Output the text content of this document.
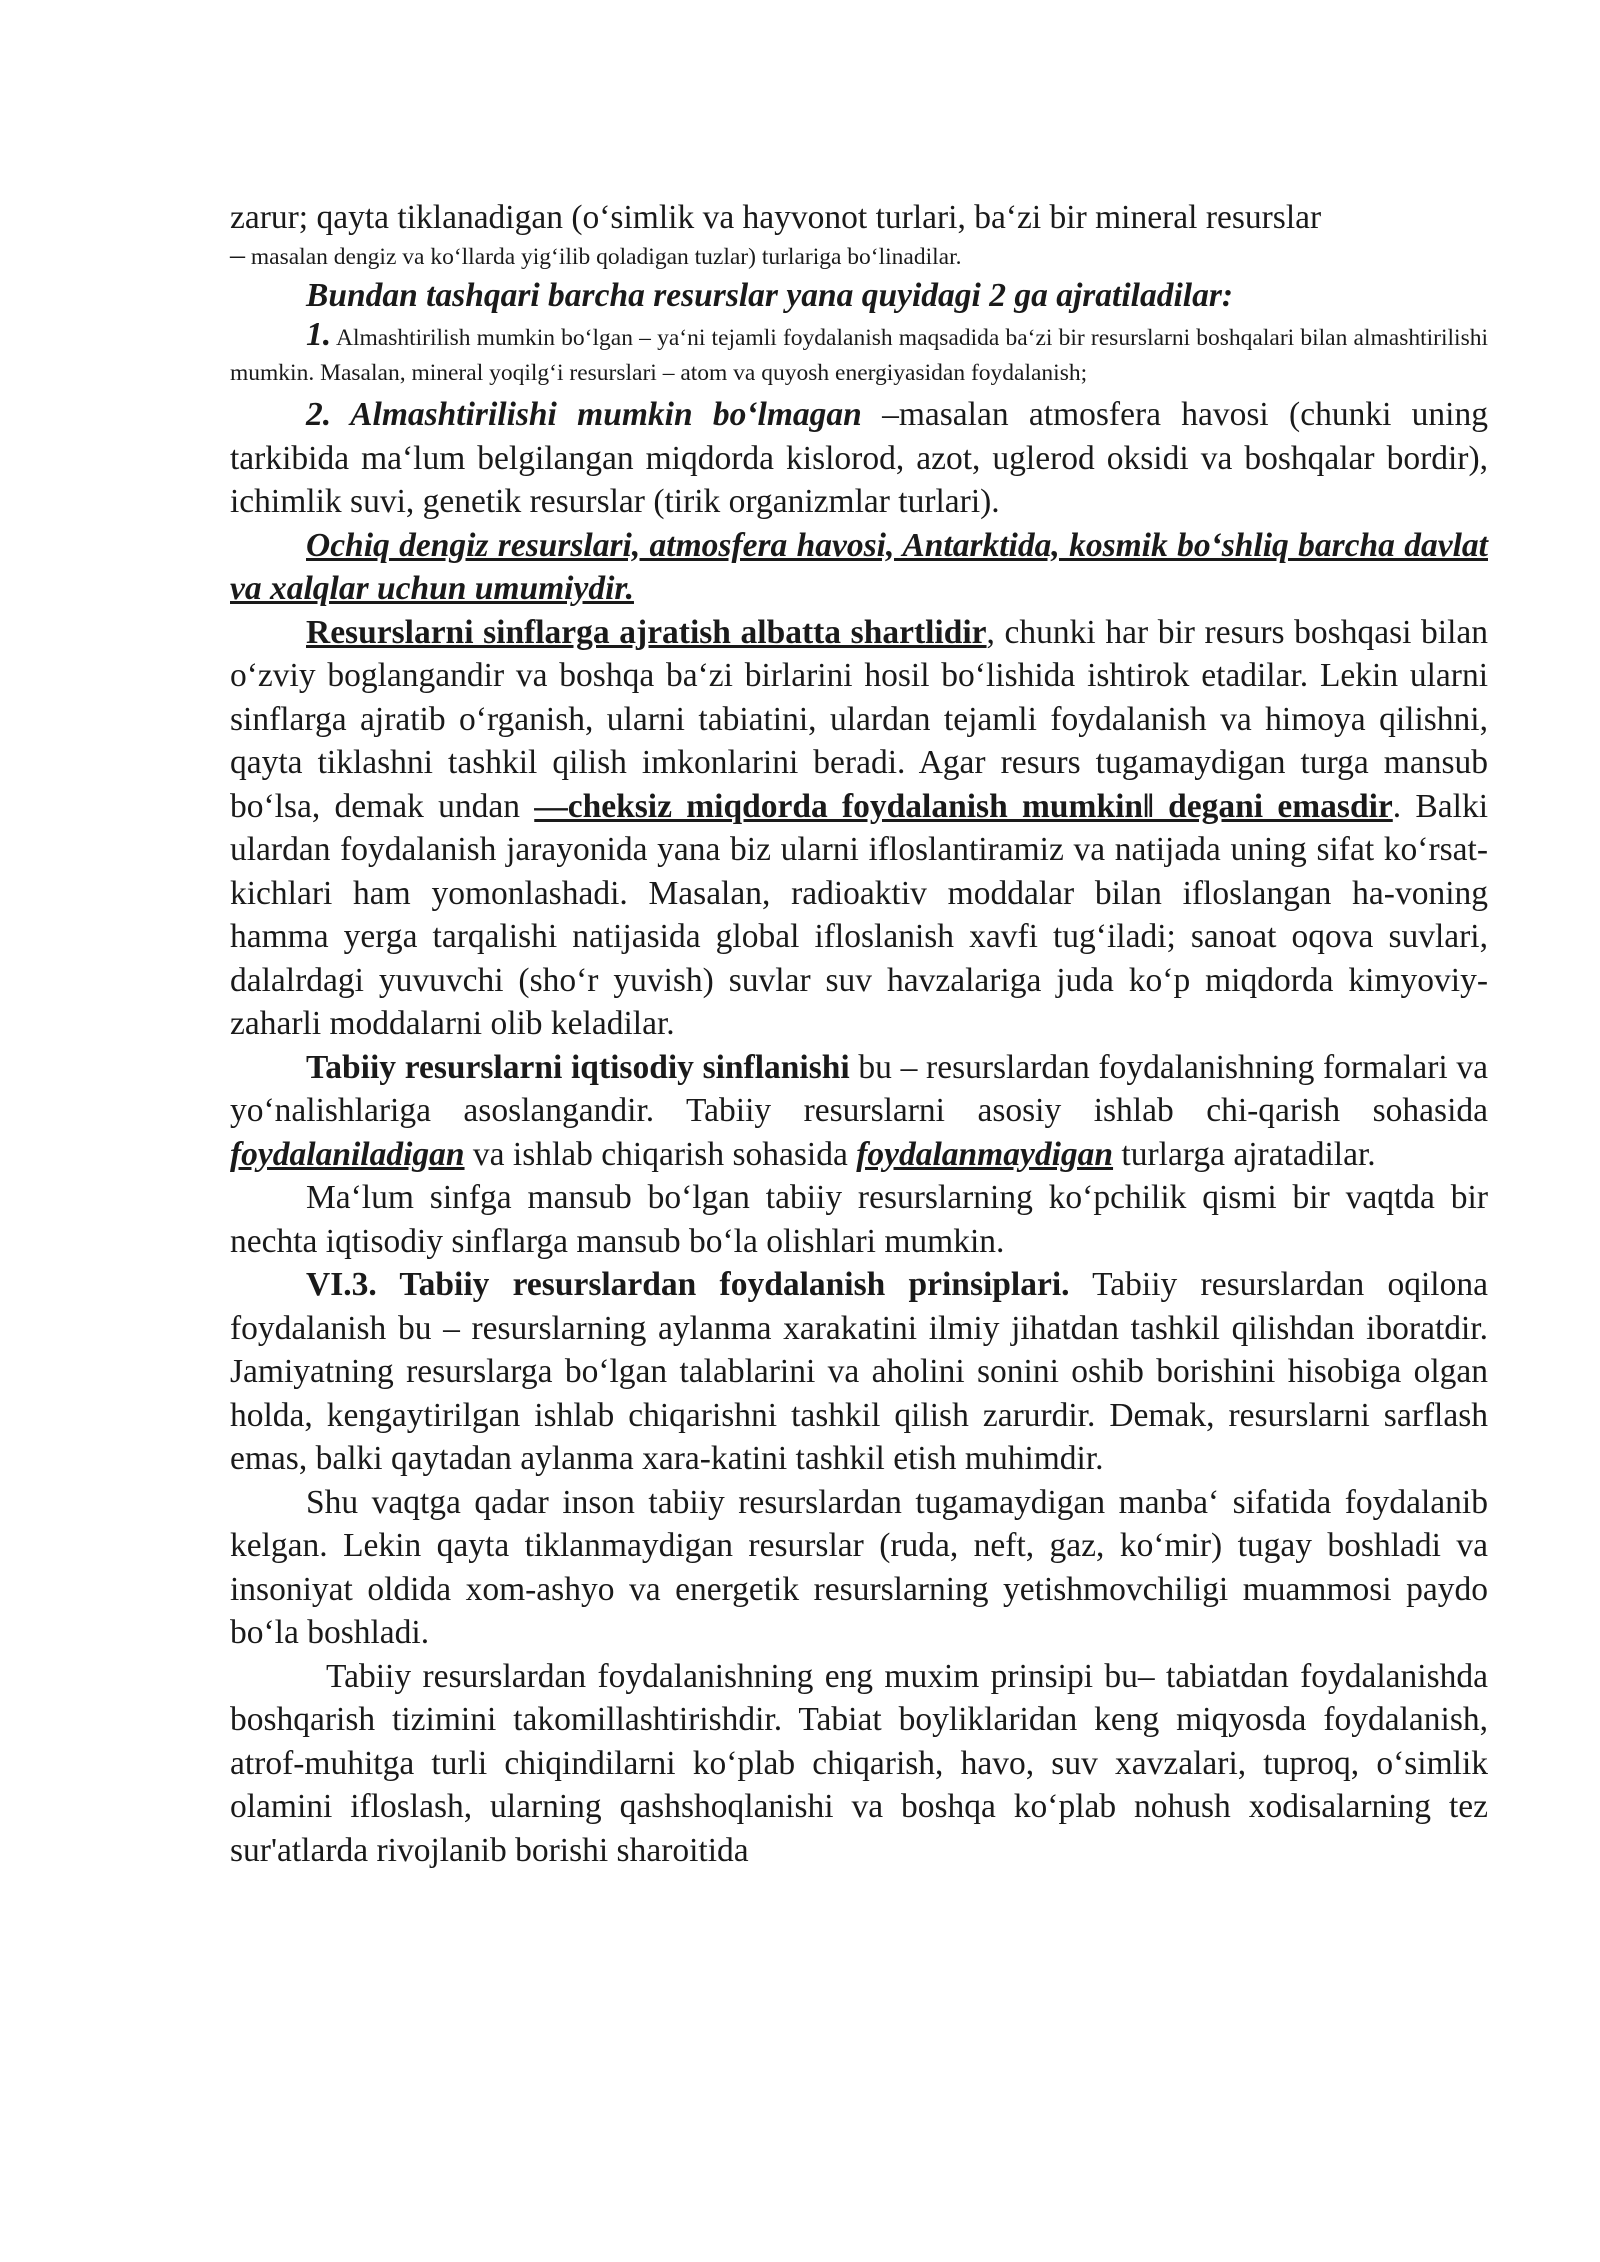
zarur; qayta tiklanadigan (o‘simlik va hayvonot turlari, ba‘zi bir mineral resurslar

– masalan dengiz va ko‘llarda yig‘ilib qoladigan tuzlar) turlariga bo‘linadilar.

Bundan tashqari barcha resurslar yana quyidagi 2 ga ajratiladilar:

1. Almashtirilish mumkin bo‘lgan – ya‘ni tejamli foydalanish maqsadida ba‘zi bir resurslarni boshqalari bilan almashtirilishi mumkin. Masalan, mineral yoqilg‘i resurslari – atom va quyosh energiyasidan foydalanish;

2. Almashtirilishi mumkin bo‘lmagan –masalan atmosfera havosi (chunki uning tarkibida ma‘lum belgilangan miqdorda kislorod, azot, uglerod oksidi va boshqalar bordir), ichimlik suvi, genetik resurslar (tirik organizmlar turlari).

Ochiq dengiz resurslari, atmosfera havosi, Antarktida, kosmik bo‘shliq barcha davlat va xalqlar uchun umumiydir.

Resurslarni sinflarga ajratish albatta shartlidir, chunki har bir resurs boshqasi bilan o‘zviy boglangandir va boshqa ba‘zi birlarini hosil bo‘lishida ishtirok etadilar. Lekin ularni sinflarga ajratib o‘rganish, ularni tabiatini, ulardan tejamli foydalanish va himoya qilishni, qayta tiklashni tashkil qilish imkonlarini beradi. Agar resurs tugamaydigan turga mansub bo‘lsa, demak undan ―cheksiz miqdorda foydalanish mumkin‖ degani emasdir. Balki ulardan foydalanish jarayonida yana biz ularni ifloslantiramiz va natijada uning sifat ko‘rsat-kichlari ham yomonlashadi. Masalan, radioaktiv moddalar bilan ifloslangan ha-voning hamma yerga tarqalishi natijasida global ifloslanish xavfi tug‘iladi; sanoat oqova suvlari, dalalrdagi yuvuvchi (sho‘r yuvish) suvlar suv havzalariga juda ko‘p miqdorda kimyoviy- zaharli moddalarni olib keladilar.

Tabiiy resurslarni iqtisodiy sinflanishi bu – resurslardan foydalanishning formalari va yo‘nalishlariga asoslangandir. Tabiiy resurslarni asosiy ishlab chi-qarish sohasida foydalaniladigan va ishlab chiqarish sohasida foydalanmaydigan turlarga ajratadilar.

Ma‘lum sinfga mansub bo‘lgan tabiiy resurslarning ko‘pchilik qismi bir vaqtda bir nechta iqtisodiy sinflarga mansub bo‘la olishlari mumkin.

VI.3. Tabiiy resurslardan foydalanish prinsiplari. Tabiiy resurslardan oqilona foydalanish bu – resurslarning aylanma xarakatini ilmiy jihatdan tashkil qilishdan iboratdir. Jamiyatning resurslarga bo‘lgan talablarini va aholini sonini oshib borishini hisobiga olgan holda, kengaytirilgan ishlab chiqarishni tashkil qilish zarurdir. Demak, resurslarni sarflash emas, balki qaytadan aylanma xara-katini tashkil etish muhimdir.

Shu vaqtga qadar inson tabiiy resurslardan tugamaydigan manba‘ sifatida foydalanib kelgan. Lekin qayta tiklanmaydigan resurslar (ruda, neft, gaz, ko‘mir) tugay boshladi va insoniyat oldida xom-ashyo va energetik resurslarning yetishmovchiligi muammosi paydo bo‘la boshladi.

Tabiiy resurslardan foydalanishning eng muxim prinsipi bu– tabiatdan foydalanishda boshqarish tizimini takomillashtirishdir. Tabiat boyliklaridan keng miqyosda foydalanish, atrof-muhitga turli chiqindilarni ko‘plab chiqarish, havo, suv xavzalari, tuproq, o‘simlik olamini ifloslash, ularning qashshoqlanishi va boshqa ko‘plab nohush xodisalarning tez sur'atlarda rivojlanib borishi sharoitida
